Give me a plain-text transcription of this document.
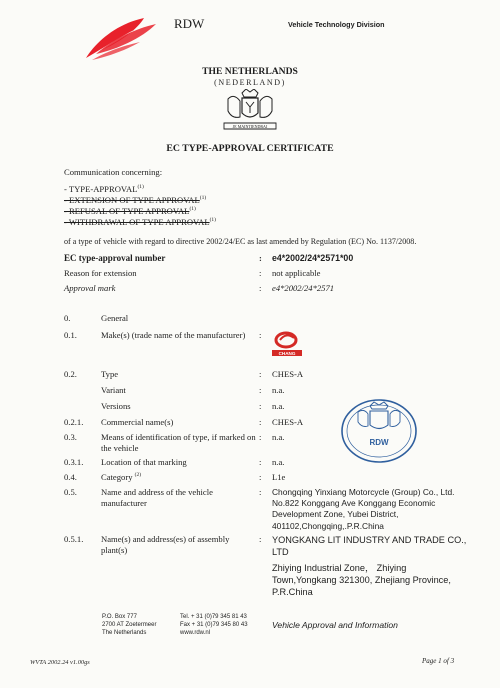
RDW	Vehicle Technology Division
THE NETHERLANDS
(NEDERLAND)
JE MAINTIENDRAI
EC TYPE-APPROVAL CERTIFICATE
Communication concerning:
- TYPE-APPROVAL$^{(1)}$
- EXTENSION OF TYPE APPROVAL$^{(1)}$
- REFUSAL OF TYPE APPROVAL$^{(1)}$
- WITHDRAWAL OF TYPE APPROVAL$^{(1)}$
of a type of vehicle with regard to directive 2002/24/EC as last amended by Regulation (EC) No. 1137/2008.
EC type-approval number	: e4*2002/24*2571*00
Reason for extension	: not applicable
Approval mark	: e4*2002/24*2571
0.	General
0.1.	Make(s) (trade name of the manufacturer)	:
CHANG
0.2.	Type	: CHES-A
Variant	: n.a.
Versions	: n.a.
0.2.1.	Commercial name(s)	: CHES-A
0.3.	Means of identification of type, if marked on the vehicle
: n.a.
0.3.1.	Location of that marking	: n.a.
0.4.	Category $^{(2)}$	: L1e
0.5.	Name and address of the vehicle manufacturer
: Chongqing Yinxiang Motorcycle (Group) Co., Ltd. No.822 Konggang Ave Konggang Economic Development Zone, Yubei District, 401102,Chongqing,.P.R.China
0.5.1.	Name(s) and address(es) of assembly plant(s)
: YONGKANG LIT INDUSTRY AND TRADE CO., LTD
Zhiying Industrial Zone， Zhiying Town,Yongkang 321300, Zhejiang Province, P.R.China
RDW
P.O. Box 777
2700 AT Zoetermeer
The Netherlands
Tel. + 31 (0)79 345 81 43
Fax + 31 (0)79 345 80 43
www.rdw.nl
Vehicle Approval and Information
WVTA 2002.24 v1.00gs	Page 1 of 3
